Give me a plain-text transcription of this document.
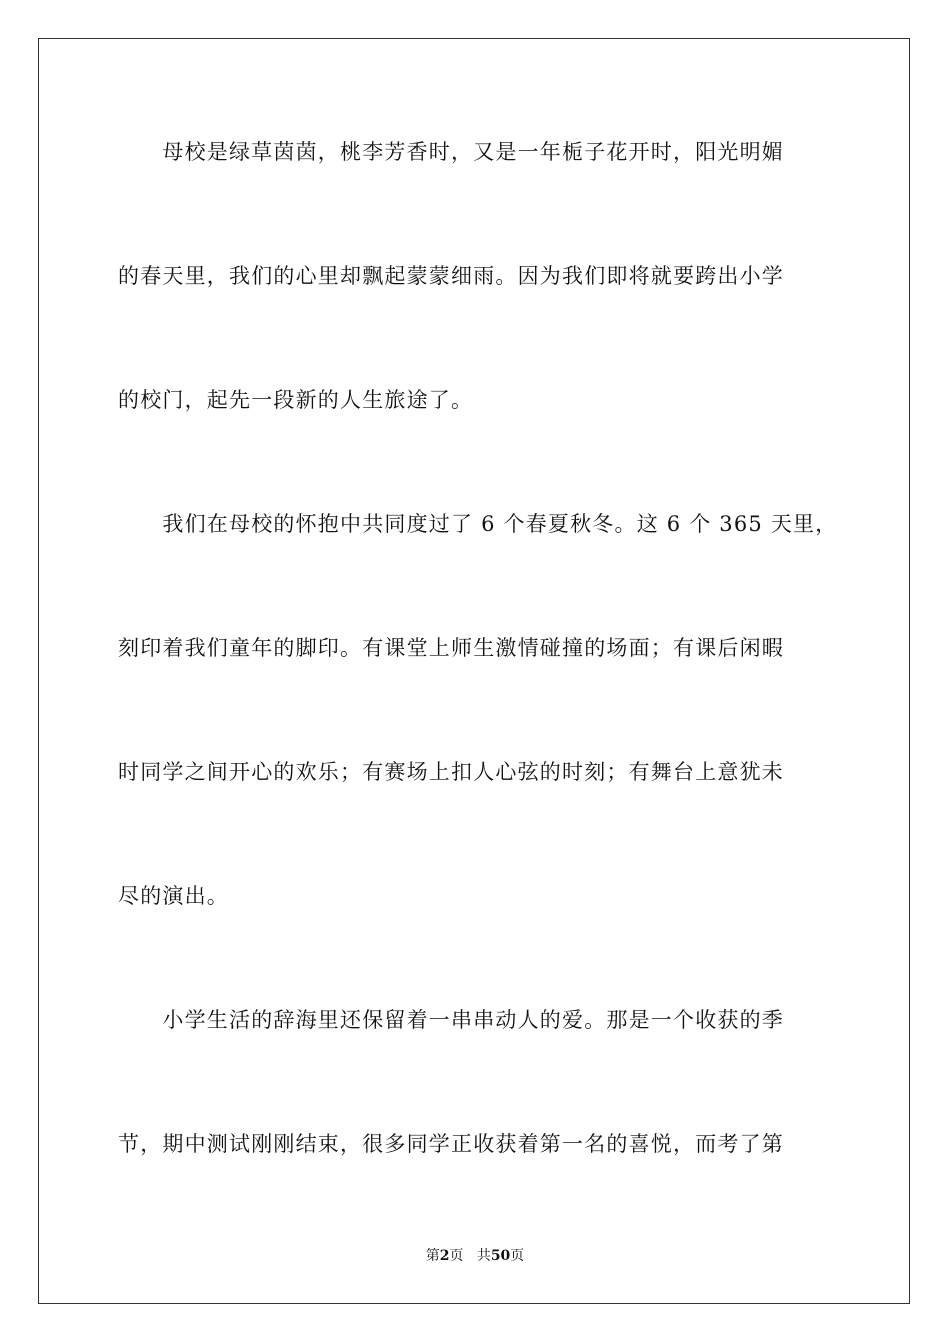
　　母校是绿草茵茵，桃李芳香时，又是一年栀子花开时，阳光明媚
的春天里，我们的心里却飘起蒙蒙细雨。因为我们即将就要跨出小学
的校门，起先一段新的人生旅途了。
　　我们在母校的怀抱中共同度过了 6 个春夏秋冬。这 6 个 365 天里，
刻印着我们童年的脚印。有课堂上师生激情碰撞的场面；有课后闲暇
时同学之间开心的欢乐；有赛场上扣人心弦的时刻；有舞台上意犹未
尽的演出。
　　小学生活的辞海里还保留着一串串动人的爱。那是一个收获的季
节，期中测试刚刚结束，很多同学正收获着第一名的喜悦，而考了第
第2页 共50页
